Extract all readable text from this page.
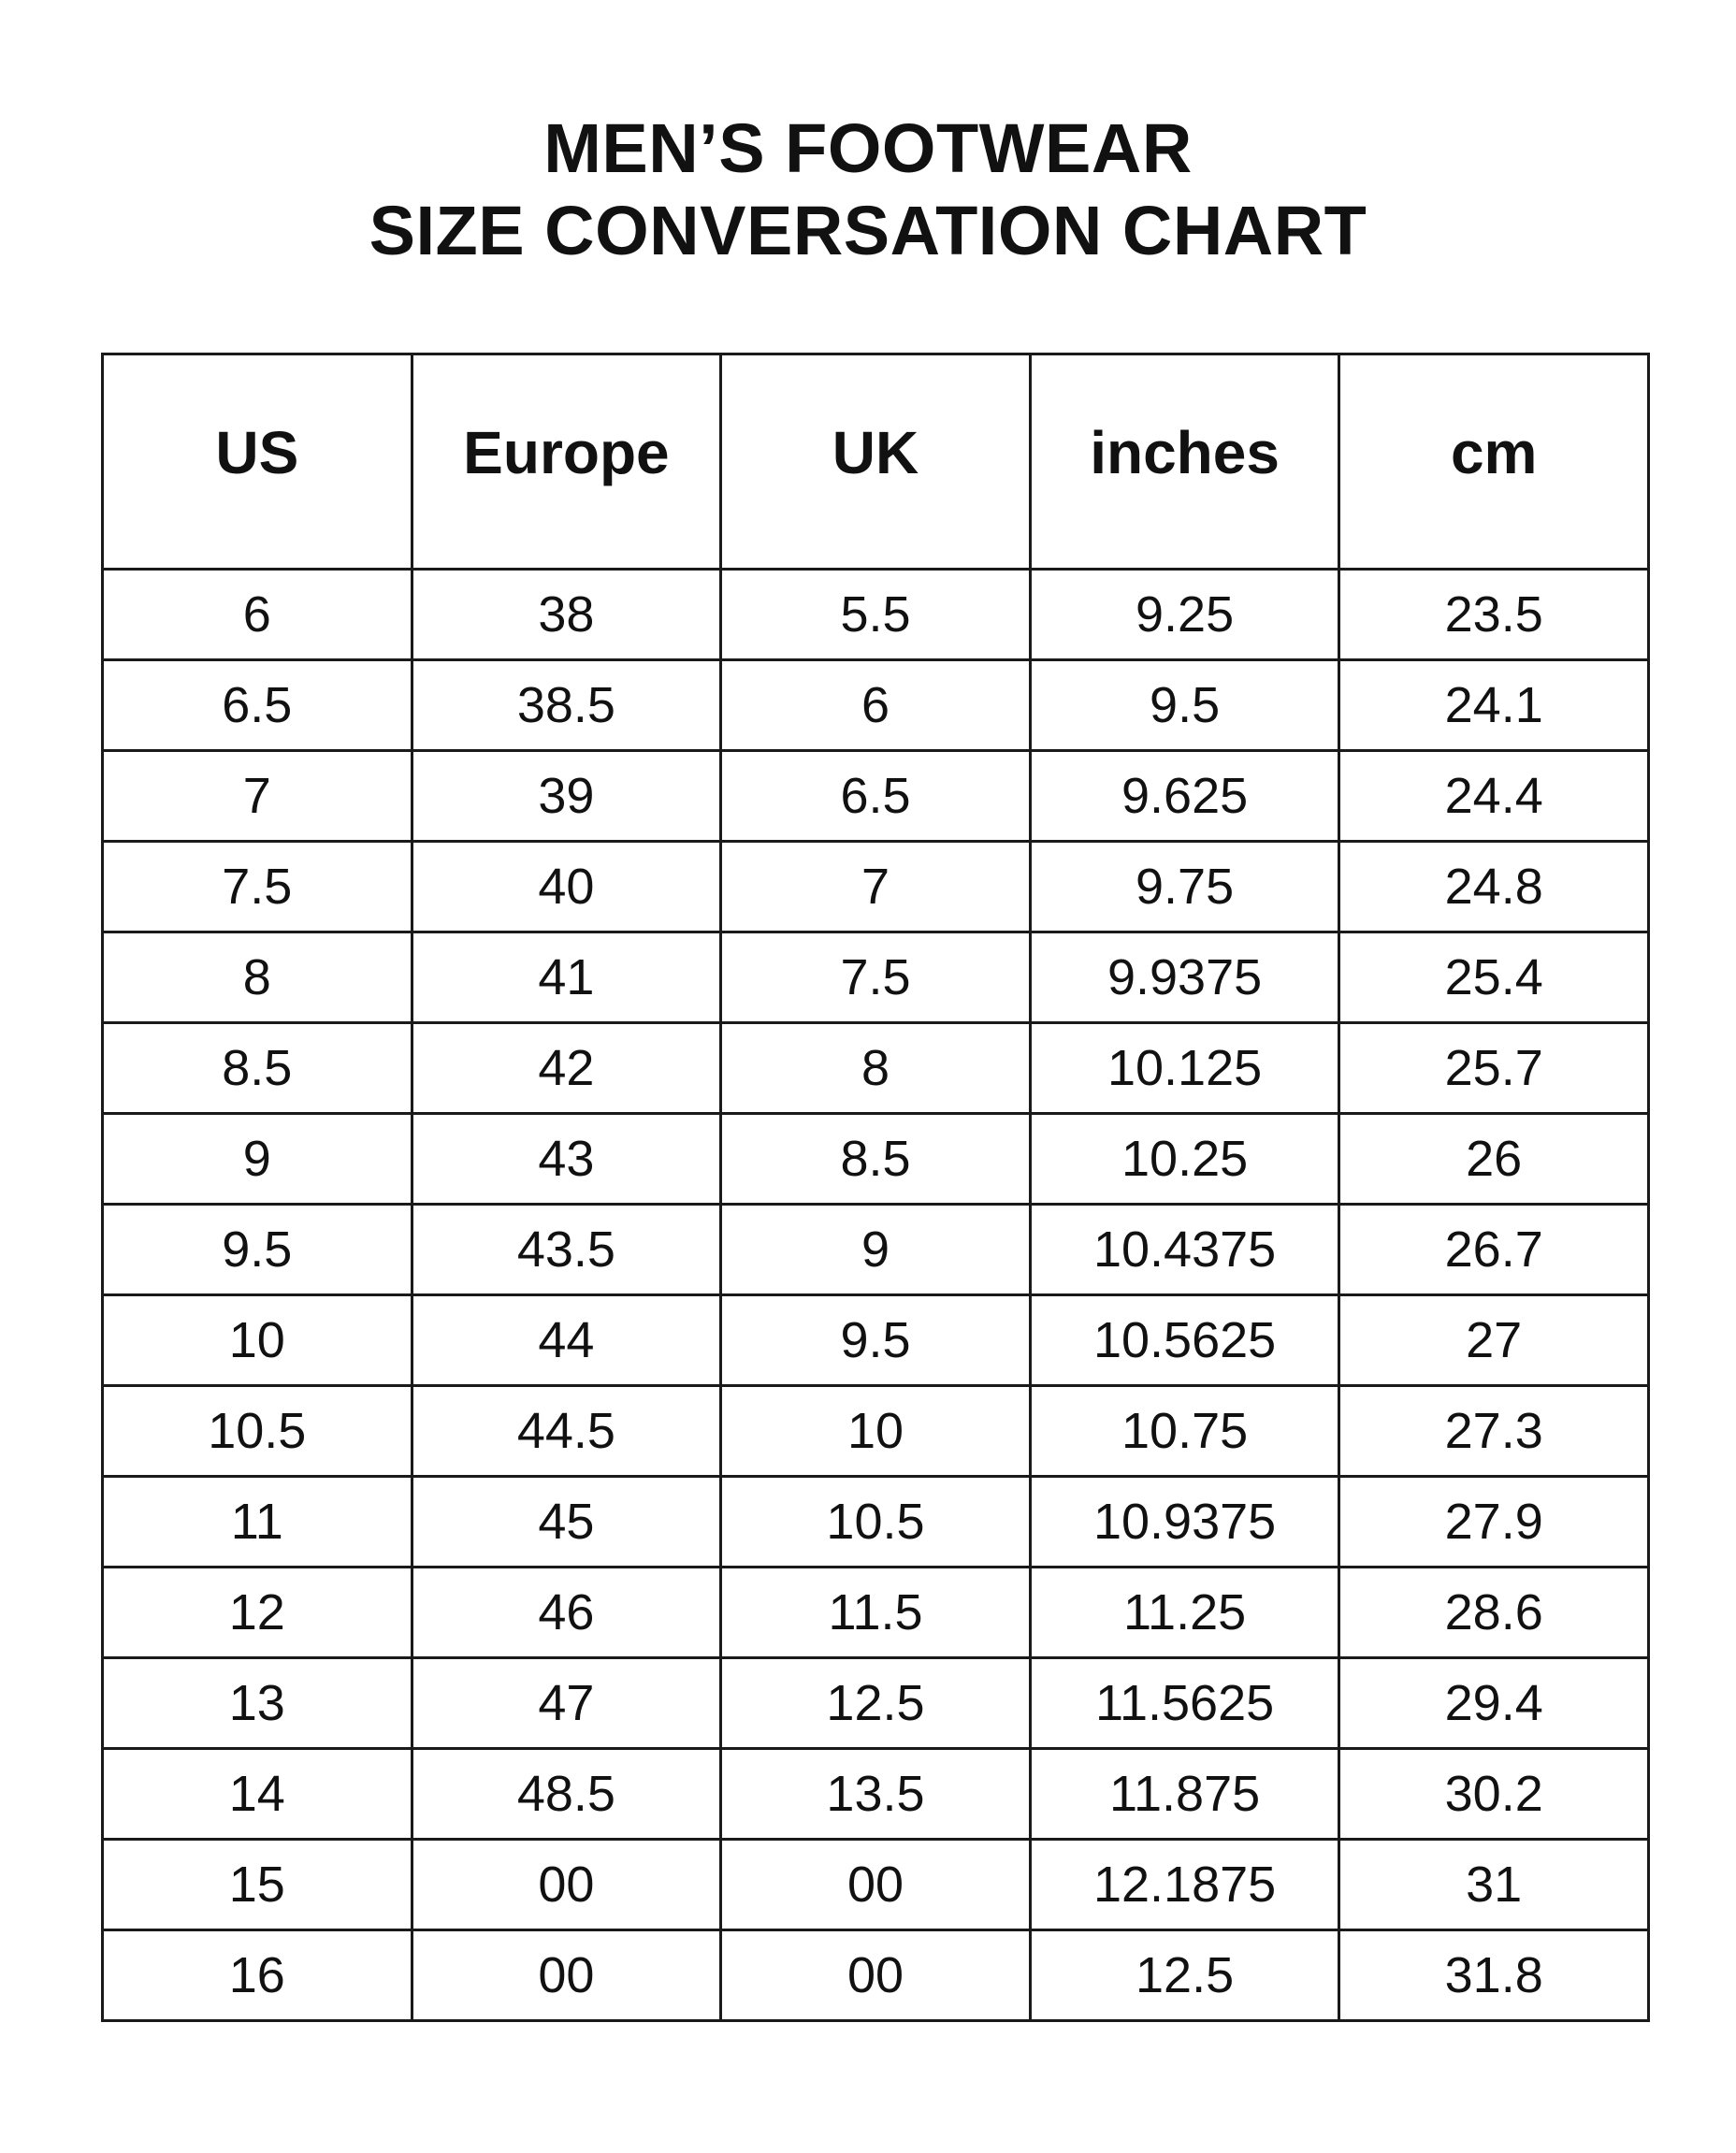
MEN’S FOOTWEAR
SIZE CONVERSATION CHART
US	Europe	UK	inches	cm
6	38	5.5	9.25	23.5
6.5	38.5	6	9.5	24.1
7	39	6.5	9.625	24.4
7.5	40	7	9.75	24.8
8	41	7.5	9.9375	25.4
8.5	42	8	10.125	25.7
9	43	8.5	10.25	26
9.5	43.5	9	10.4375	26.7
10	44	9.5	10.5625	27
10.5	44.5	10	10.75	27.3
11	45	10.5	10.9375	27.9
12	46	11.5	11.25	28.6
13	47	12.5	11.5625	29.4
14	48.5	13.5	11.875	30.2
15	00	00	12.1875	31
16	00	00	12.5	31.8
